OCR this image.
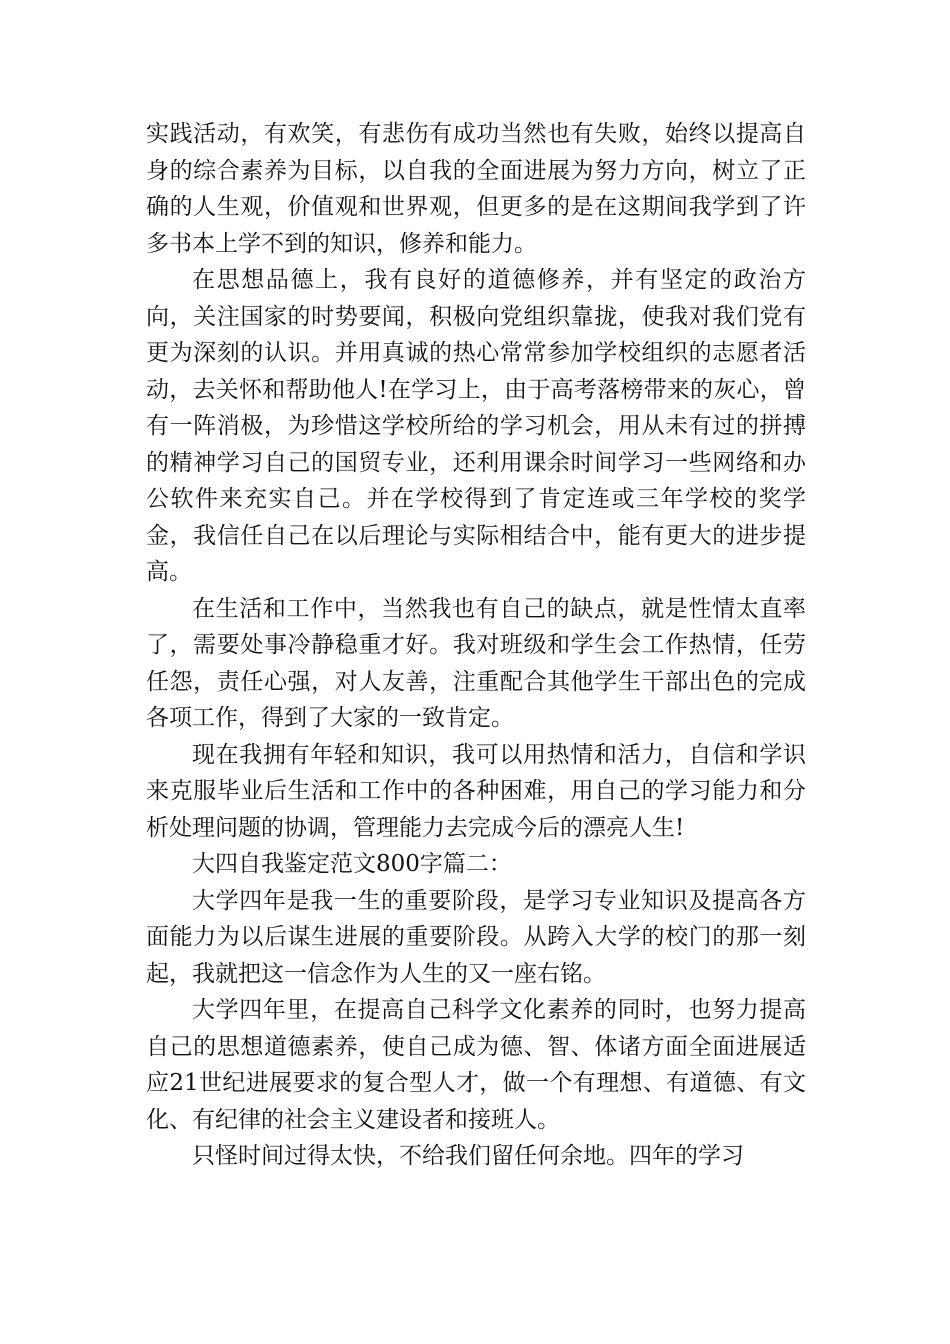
实践活动，有欢笑，有悲伤有成功当然也有失败，始终以提高自身的综合素养为目标，以自我的全面进展为努力方向，树立了正确的人生观，价值观和世界观，但更多的是在这期间我学到了许多书本上学不到的知识，修养和能力。

在思想品德上，我有良好的道德修养，并有坚定的政治方向，关注国家的时势要闻，积极向党组织靠拢，使我对我们党有更为深刻的认识。并用真诚的热心常常参加学校组织的志愿者活动，去关怀和帮助他人!在学习上，由于高考落榜带来的灰心，曾有一阵消极，为珍惜这学校所给的学习机会，用从未有过的拼搏的精神学习自己的国贸专业，还利用课余时间学习一些网络和办公软件来充实自己。并在学校得到了肯定连或三年学校的奖学金，我信任自己在以后理论与实际相结合中，能有更大的进步提高。

在生活和工作中，当然我也有自己的缺点，就是性情太直率了，需要处事冷静稳重才好。我对班级和学生会工作热情，任劳任怨，责任心强，对人友善，注重配合其他学生干部出色的完成各项工作，得到了大家的一致肯定。

现在我拥有年轻和知识，我可以用热情和活力，自信和学识来克服毕业后生活和工作中的各种困难，用自己的学习能力和分析处理问题的协调，管理能力去完成今后的漂亮人生!

大四自我鉴定范文800字篇二：

大学四年是我一生的重要阶段，是学习专业知识及提高各方面能力为以后谋生进展的重要阶段。从跨入大学的校门的那一刻起，我就把这一信念作为人生的又一座右铭。

大学四年里，在提高自己科学文化素养的同时，也努力提高自己的思想道德素养，使自己成为德、智、体诸方面全面进展适应21世纪进展要求的复合型人才，做一个有理想、有道德、有文化、有纪律的社会主义建设者和接班人。

只怪时间过得太快，不给我们留任何余地。四年的学习
